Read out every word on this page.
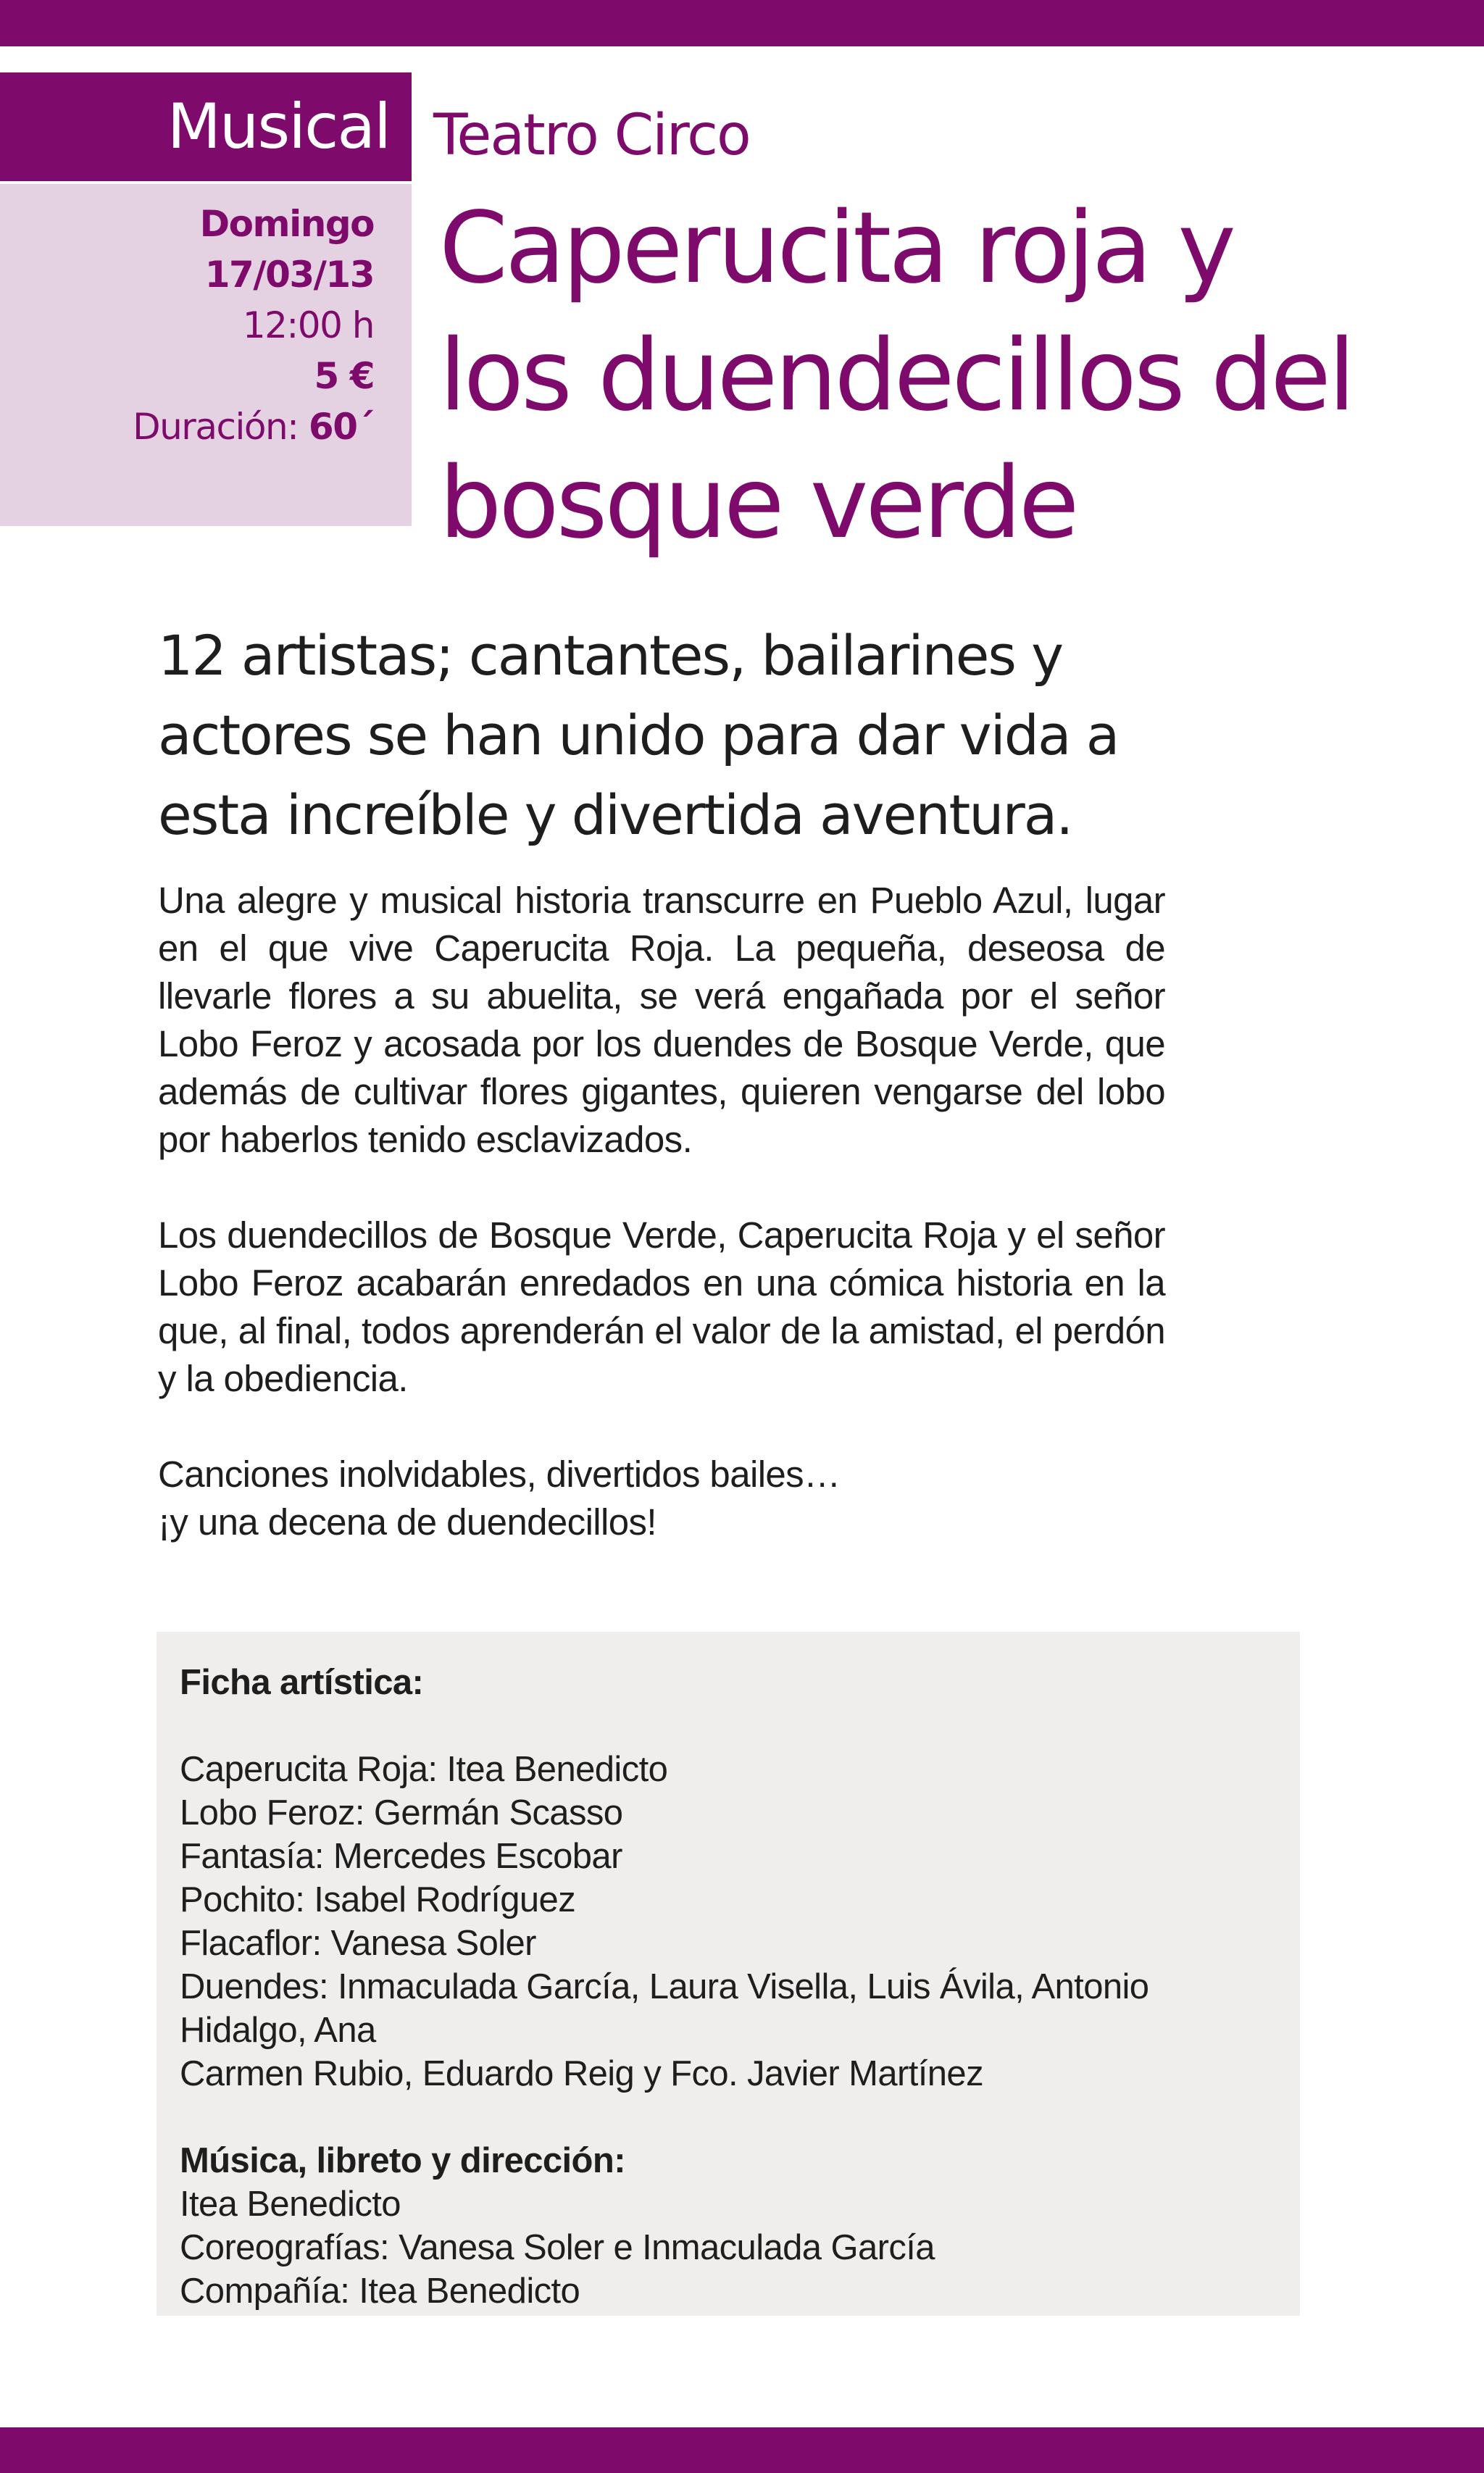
Musical
Domingo
17/03/13
12:00 h
5 €
Duración: 60´
Teatro Circo
Caperucita roja y
los duendecillos del
bosque verde
12 artistas; cantantes, bailarines y
actores se han unido para dar vida a
esta increíble y divertida aventura.

Una alegre y musical historia transcurre en Pueblo Azul, lugar en el que vive Caperucita Roja. La pequeña, deseosa de llevarle flores a su abuelita, se verá engañada por el señor Lobo Feroz y acosada por los duendes de Bosque Verde, que además de cultivar flores gigantes, quieren vengarse del lobo por haberlos tenido esclavizados.

Los duendecillos de Bosque Verde, Caperucita Roja y el señor Lobo Feroz acabarán enredados en una cómica historia en la que, al final, todos aprenderán el valor de la amistad, el perdón y la obediencia.

Canciones inolvidables, divertidos bailes…
¡y una decena de duendecillos!

Ficha artística:
Caperucita Roja: Itea Benedicto
Lobo Feroz: Germán Scasso
Fantasía: Mercedes Escobar
Pochito: Isabel Rodríguez
Flacaflor: Vanesa Soler
Duendes: Inmaculada García, Laura Visella, Luis Ávila, Antonio Hidalgo, Ana
Carmen Rubio, Eduardo Reig y Fco. Javier Martínez
Música, libreto y dirección:
Itea Benedicto
Coreografías: Vanesa Soler e Inmaculada García
Compañía: Itea Benedicto
